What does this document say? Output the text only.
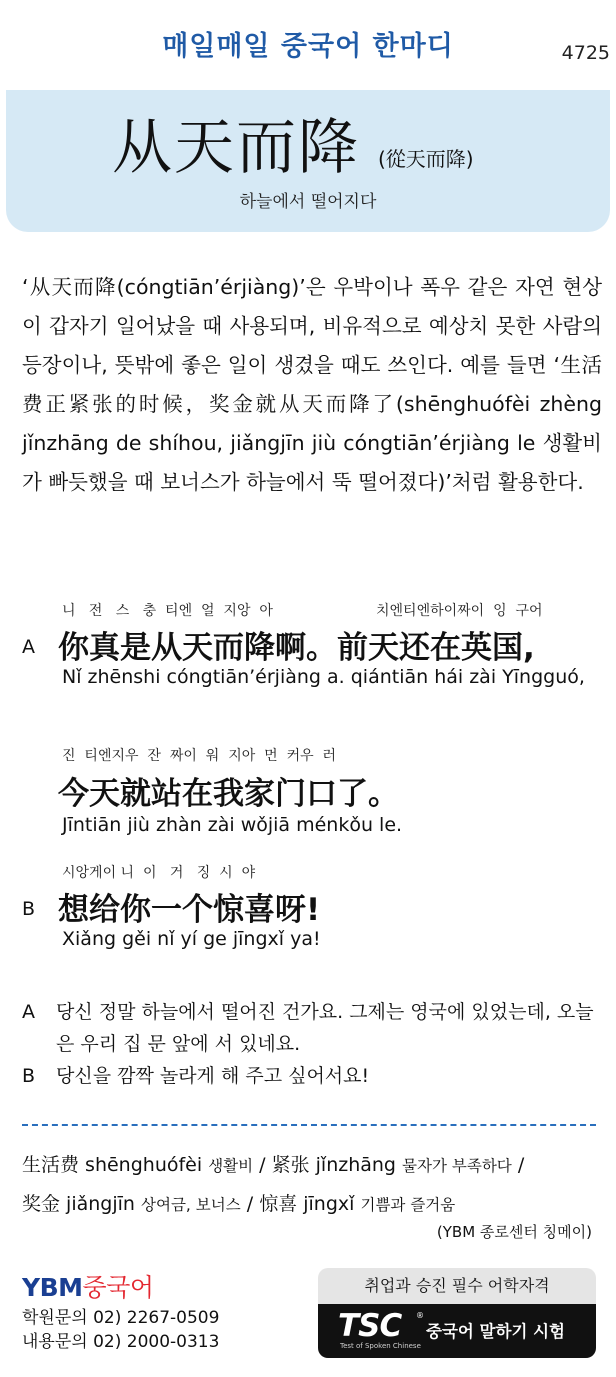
매일매일 중국어 한마디	4725
从天而降 (從天而降)
하늘에서 떨어지다
‘从天而降(cóngtiān’érjiàng)’은 우박이나 폭우 같은 자연 현상이 갑자기 일어났을 때 사용되며, 비유적으로 예상치 못한 사람의 등장이나, 뜻밖에 좋은 일이 생겼을 때도 쓰인다. 예를 들면 ‘生活费正紧张的时候，奖金就从天而降了(shēnghuófèi zhèng jǐnzhāng de shíhou, jiǎngjīn jiù cóngtiān’érjiàng le 생활비가 빠듯했을 때 보너스가 하늘에서 뚝 떨어졌다)’처럼 활용한다.
니   전   스   충  티엔  얼  지앙  아	치엔티엔하이짜이  잉  구어
A 你真是从天而降啊。前天还在英国,
Nǐ zhēnshi cóngtiān’érjiàng a. qiántiān hái zài Yīngguó,
진  티엔지우  잔  짜이  워  지아  먼  커우  러
今天就站在我家门口了。
Jīntiān jiù zhàn zài wǒjiā ménkǒu le.
시앙게이 니  이   거   징  시  야
B 想给你一个惊喜呀!
Xiǎng gěi nǐ yí ge jīngxǐ ya!
A	당신 정말 하늘에서 떨어진 건가요. 그제는 영국에 있었는데, 오늘은 우리 집 문 앞에 서 있네요.
B	당신을 깜짝 놀라게 해 주고 싶어서요!
生活费 shēnghuófèi 생활비 / 紧张 jǐnzhāng 물자가 부족하다 /
奖金 jiǎngjīn 상여금, 보너스 / 惊喜 jīngxǐ 기쁨과 즐거움
(YBM 종로센터 칭메이)
YBM중국어
학원문의 02) 2267-0509
내용문의 02) 2000-0313
취업과 승진 필수 어학자격
TSC ®
Test of Spoken Chinese
중국어 말하기 시험
